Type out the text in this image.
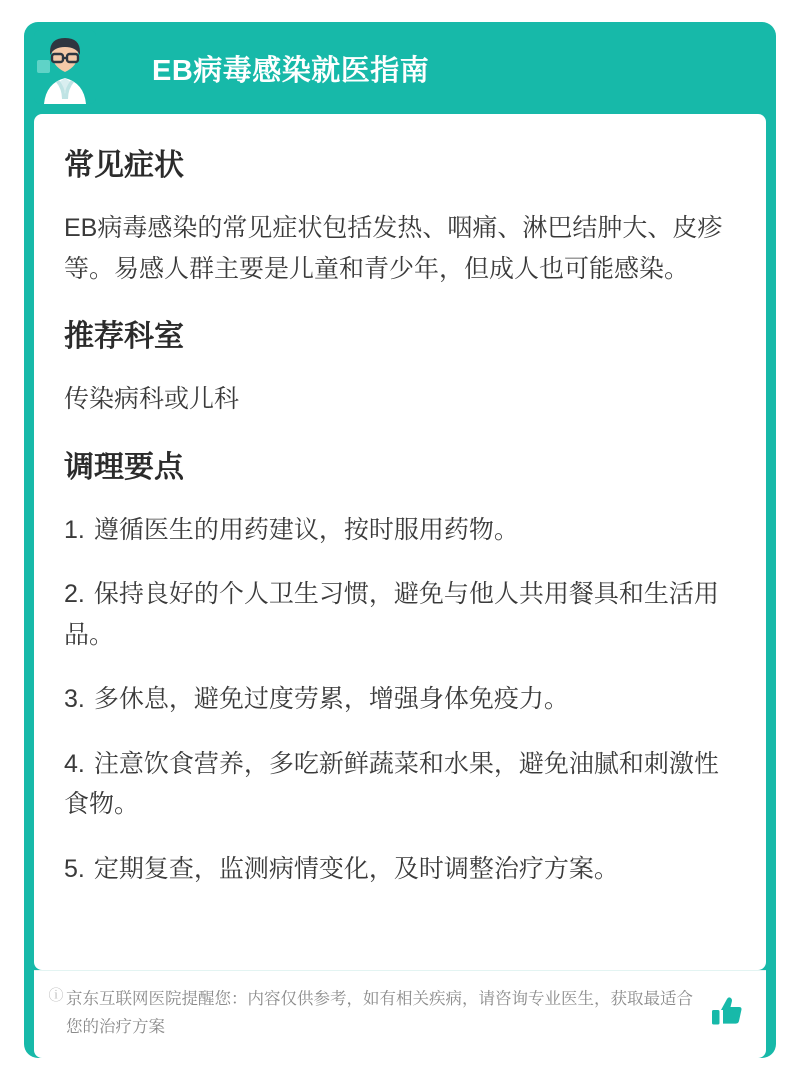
EB病毒感染就医指南
常见症状

EB病毒感染的常见症状包括发热、咽痛、淋巴结肿大、皮疹等。易感人群主要是儿童和青少年，但成人也可能感染。

推荐科室

传染病科或儿科

调理要点
1. 遵循医生的用药建议，按时服用药物。
2. 保持良好的个人卫生习惯，避免与他人共用餐具和生活用品。
3. 多休息，避免过度劳累，增强身体免疫力。
4. 注意饮食营养，多吃新鲜蔬菜和水果，避免油腻和刺激性食物。
5. 定期复查，监测病情变化，及时调整治疗方案。
ⓘ 京东互联网医院提醒您：内容仅供参考，如有相关疾病，请咨询专业医生，获取最适合您的治疗方案
